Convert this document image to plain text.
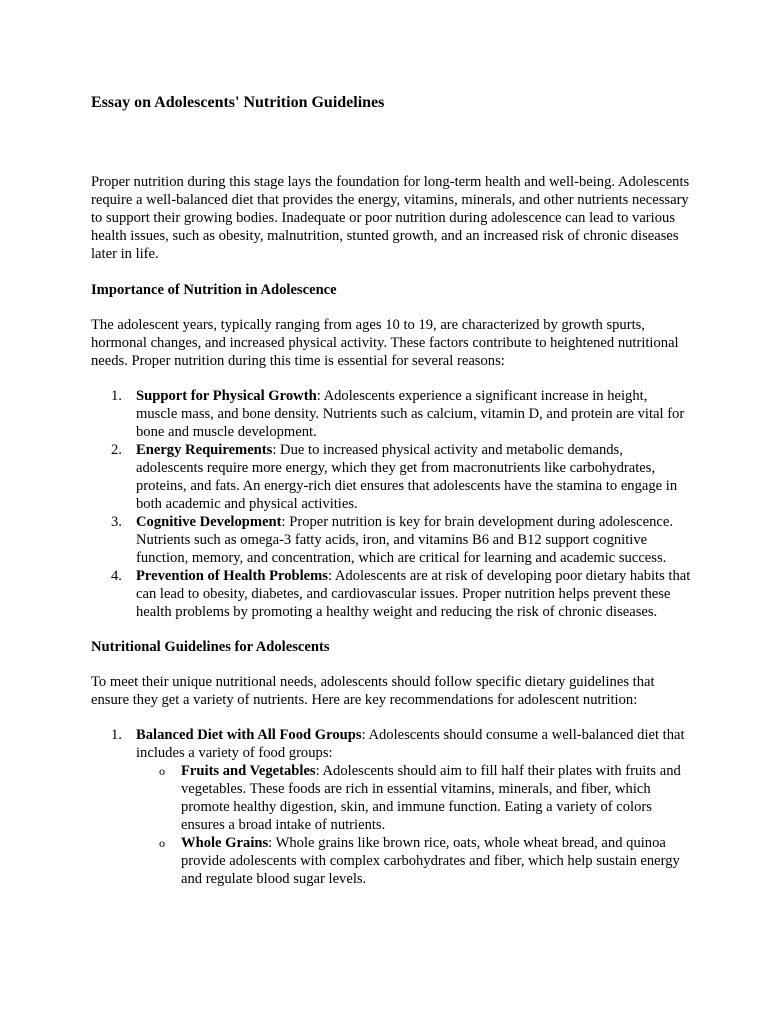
Essay on Adolescents' Nutrition Guidelines

Proper nutrition during this stage lays the foundation for long-term health and well-being. Adolescents require a well-balanced diet that provides the energy, vitamins, minerals, and other nutrients necessary to support their growing bodies. Inadequate or poor nutrition during adolescence can lead to various health issues, such as obesity, malnutrition, stunted growth, and an increased risk of chronic diseases later in life.

Importance of Nutrition in Adolescence

The adolescent years, typically ranging from ages 10 to 19, are characterized by growth spurts, hormonal changes, and increased physical activity. These factors contribute to heightened nutritional needs. Proper nutrition during this time is essential for several reasons:

1. Support for Physical Growth: Adolescents experience a significant increase in height, muscle mass, and bone density. Nutrients such as calcium, vitamin D, and protein are vital for bone and muscle development.
2. Energy Requirements: Due to increased physical activity and metabolic demands, adolescents require more energy, which they get from macronutrients like carbohydrates, proteins, and fats. An energy-rich diet ensures that adolescents have the stamina to engage in both academic and physical activities.
3. Cognitive Development: Proper nutrition is key for brain development during adolescence. Nutrients such as omega-3 fatty acids, iron, and vitamins B6 and B12 support cognitive function, memory, and concentration, which are critical for learning and academic success.
4. Prevention of Health Problems: Adolescents are at risk of developing poor dietary habits that can lead to obesity, diabetes, and cardiovascular issues. Proper nutrition helps prevent these health problems by promoting a healthy weight and reducing the risk of chronic diseases.
Nutritional Guidelines for Adolescents

To meet their unique nutritional needs, adolescents should follow specific dietary guidelines that ensure they get a variety of nutrients. Here are key recommendations for adolescent nutrition:

1. Balanced Diet with All Food Groups: Adolescents should consume a well-balanced diet that includes a variety of food groups:
o Fruits and Vegetables: Adolescents should aim to fill half their plates with fruits and vegetables. These foods are rich in essential vitamins, minerals, and fiber, which promote healthy digestion, skin, and immune function. Eating a variety of colors ensures a broad intake of nutrients.
o Whole Grains: Whole grains like brown rice, oats, whole wheat bread, and quinoa provide adolescents with complex carbohydrates and fiber, which help sustain energy and regulate blood sugar levels.
